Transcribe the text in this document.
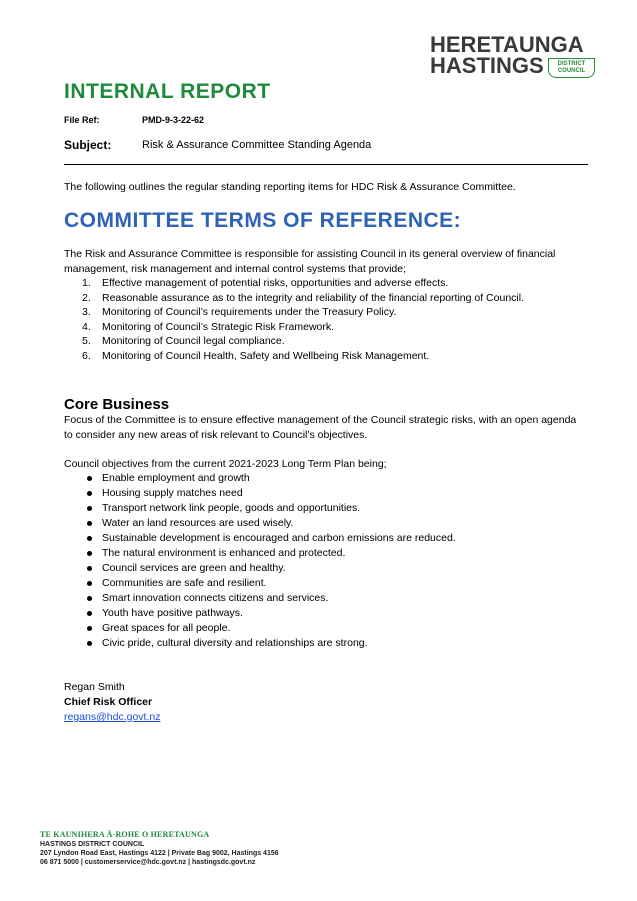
HERETAUNGA
HASTINGS	DISTRICT
COUNCIL
INTERNAL REPORT
File Ref:	PMD-9-3-22-62
Subject:	Risk & Assurance Committee Standing Agenda
The following outlines the regular standing reporting items for HDC Risk & Assurance Committee.
COMMITTEE TERMS OF REFERENCE:
The Risk and Assurance Committee is responsible for assisting Council in its general overview of financial management, risk management and internal control systems that provide;
1. Effective management of potential risks, opportunities and adverse effects.
2. Reasonable assurance as to the integrity and reliability of the financial reporting of Council.
3. Monitoring of Council’s requirements under the Treasury Policy.
4. Monitoring of Council’s Strategic Risk Framework.
5. Monitoring of Council legal compliance.
6. Monitoring of Council Health, Safety and Wellbeing Risk Management.
Core Business
Focus of the Committee is to ensure effective management of the Council strategic risks, with an open agenda to consider any new areas of risk relevant to Council’s objectives.
Council objectives from the current 2021-2023 Long Term Plan being;
Enable employment and growth
Housing supply matches need
Transport network link people, goods and opportunities.
Water an land resources are used wisely.
Sustainable development is encouraged and carbon emissions are reduced.
The natural environment is enhanced and protected.
Council services are green and healthy.
Communities are safe and resilient.
Smart innovation connects citizens and services.
Youth have positive pathways.
Great spaces for all people.
Civic pride, cultural diversity and relationships are strong.
Regan Smith
Chief Risk Officer
regans@hdc.govt.nz
TE KAUNIHERA Ā-ROHE O HERETAUNGA
HASTINGS DISTRICT COUNCIL
207 Lyndon Road East, Hastings 4122 | Private Bag 9002, Hastings 4156
06 871 5000 | customerservice@hdc.govt.nz | hastingsdc.govt.nz
